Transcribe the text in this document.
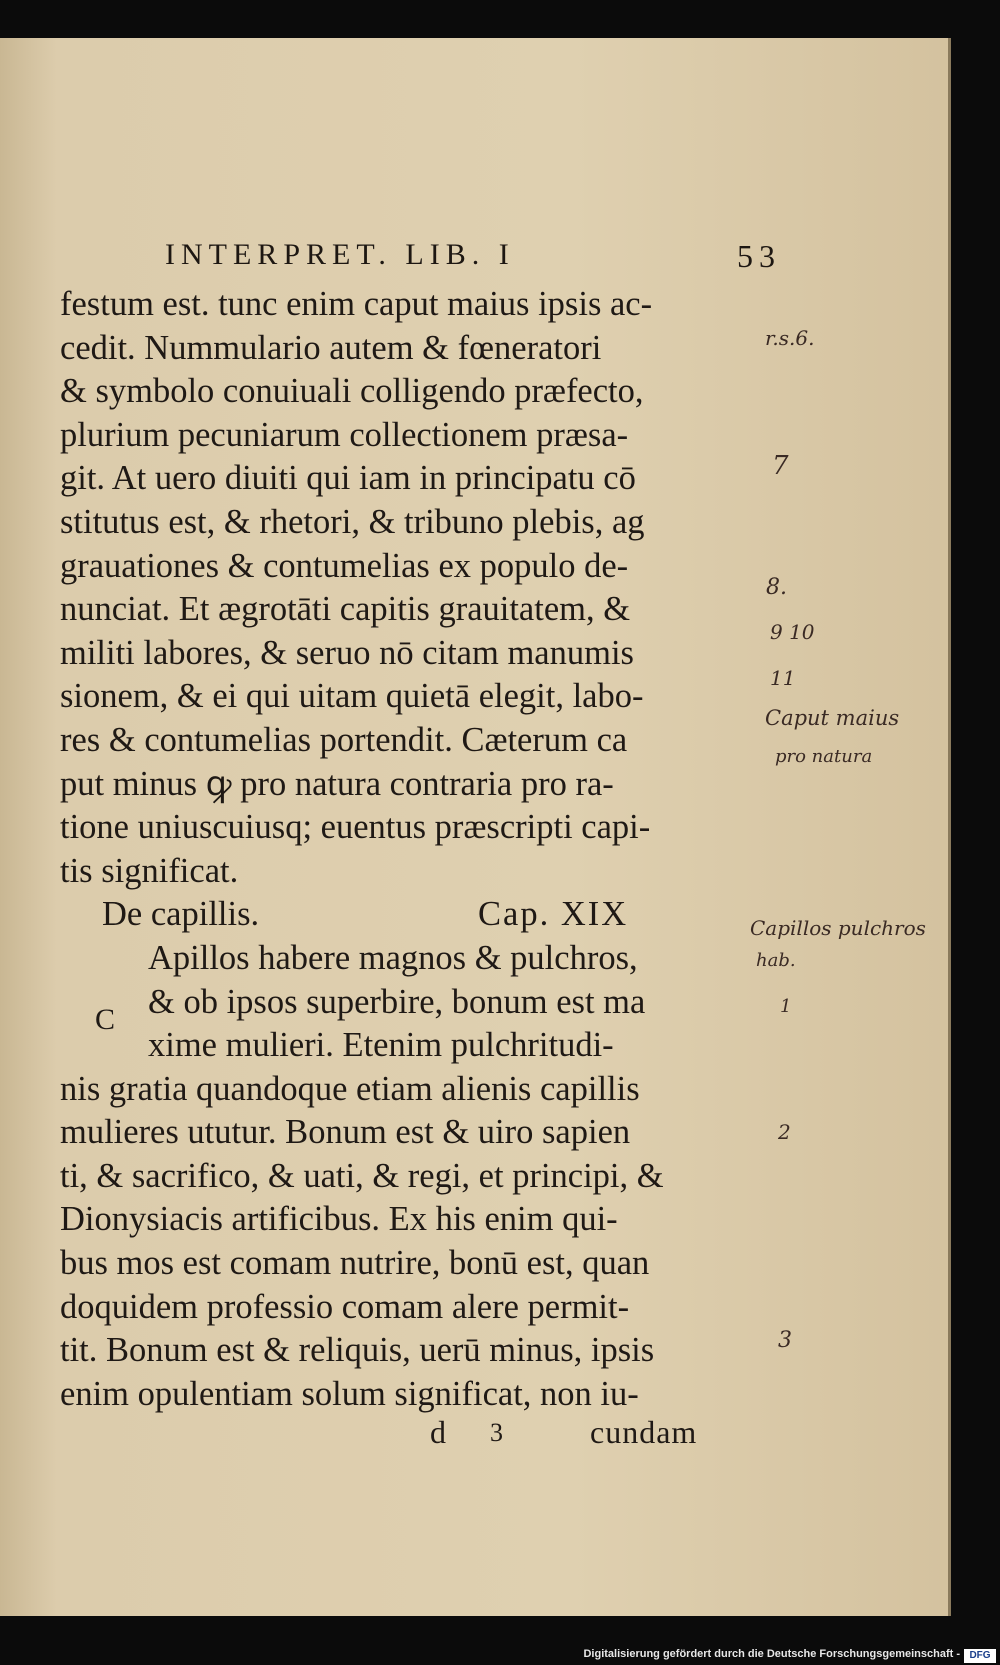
INTERPRET. LIB. I	53
festum est. tunc enim caput maius ipsis ac-
cedit. Nummulario autem & fœneratori
& symbolo conuiuali colligendo præfecto,
plurium pecuniarum collectionem præsa-
git. At uero diuiti qui iam in principatu cō
stitutus est, & rhetori, & tribuno plebis, ag
grauationes & contumelias ex populo de-
nunciat. Et ægrotāti capitis grauitatem, &
militi labores, & seruo nō citam manumis
sionem, & ei qui uitam quietā elegit, labo-
res & contumelias portendit. Cæterum ca
put minus ꝙ pro natura contraria pro ra-
tione uniuscuiusq; euentus præscripti capi-
tis significat.
De capillis.	Cap. XIX
Apillos habere magnos & pulchros,
& ob ipsos superbire, bonum est ma
xime mulieri. Etenim pulchritudi-
nis gratia quandoque etiam alienis capillis
mulieres ututur. Bonum est & uiro sapien
ti, & sacrifico, & uati, & regi, et principi, &
Dionysiacis artificibus. Ex his enim qui-
bus mos est comam nutrire, bonū est, quan
doquidem professio comam alere permit-
tit. Bonum est & reliquis, uerū minus, ipsis
enim opulentiam solum significat, non iu-
C
d 3	cundam
r.s.6.
7
8.
9 10
11
Caput maius
pro natura
Capillos pulchros
hab.
1
2
3
Digitalisierung gefördert durch die Deutsche Forschungsgemeinschaft - DFG
